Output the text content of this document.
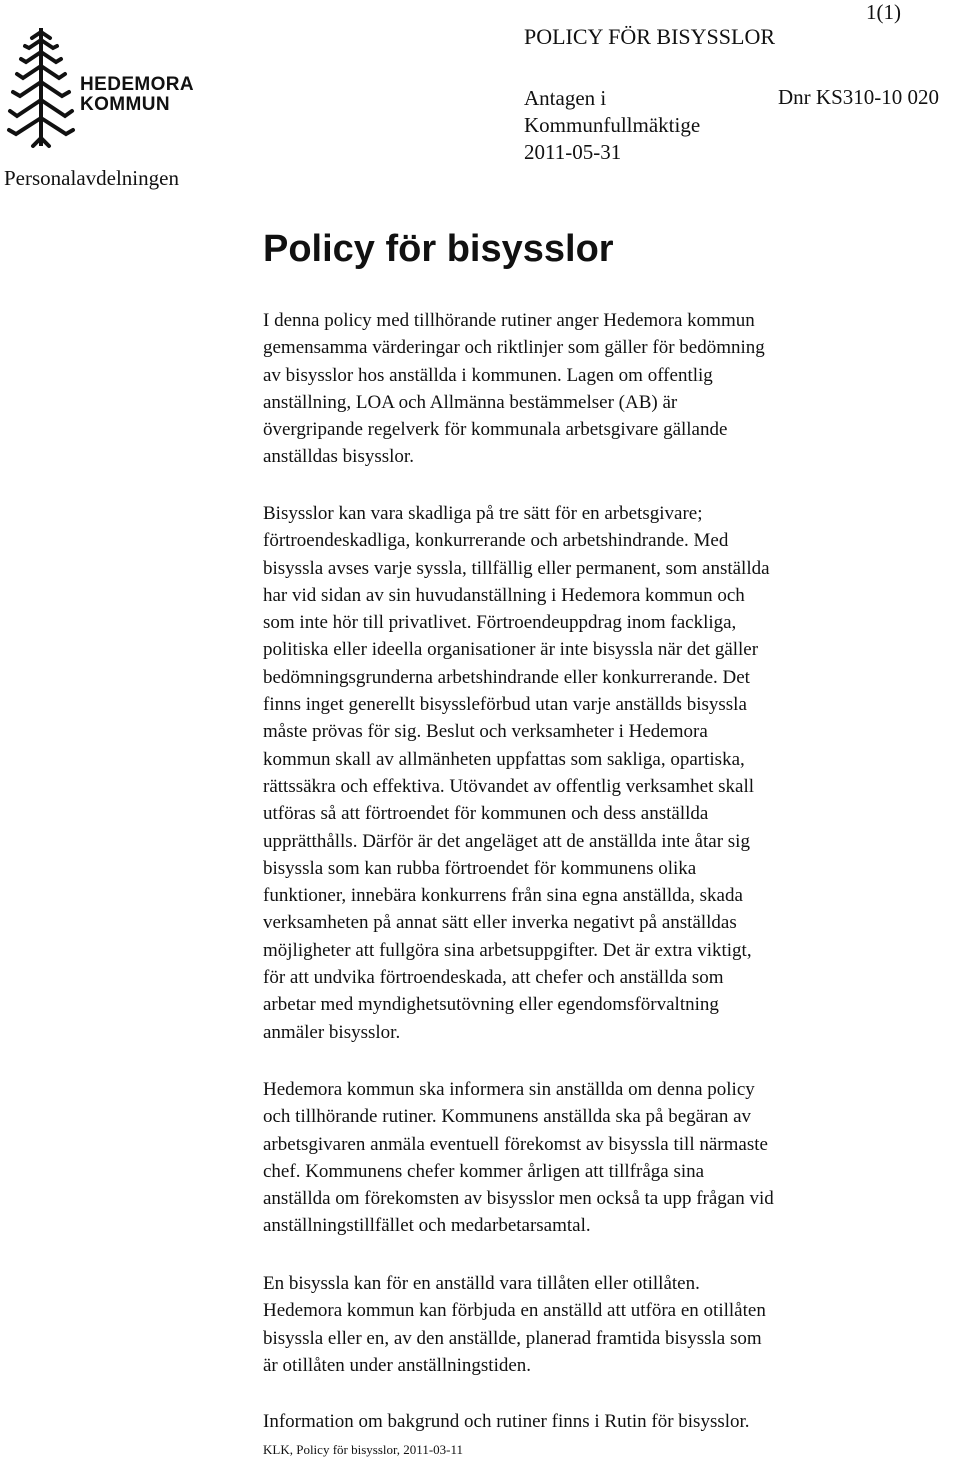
HEDEMORA
KOMMUN
Personalavdelningen
POLICY FÖR BISYSSLOR
1(1)
Antagen i
Kommunfullmäktige
2011-05-31
Dnr KS310-10 020
Policy för bisysslor
I denna policy med tillhörande rutiner anger Hedemora kommun
gemensamma värderingar och riktlinjer som gäller för bedömning
av bisysslor hos anställda i kommunen. Lagen om offentlig
anställning, LOA och Allmänna bestämmelser (AB) är
övergripande regelverk för kommunala arbetsgivare gällande
anställdas bisysslor.
Bisysslor kan vara skadliga på tre sätt för en arbetsgivare;
förtroendeskadliga, konkurrerande och arbetshindrande. Med
bisyssla avses varje syssla, tillfällig eller permanent, som anställda
har vid sidan av sin huvudanställning i Hedemora kommun och
som inte hör till privatlivet. Förtroendeuppdrag inom fackliga,
politiska eller ideella organisationer är inte bisyssla när det gäller
bedömningsgrunderna arbetshindrande eller konkurrerande. Det
finns inget generellt bisyssleförbud utan varje anställds bisyssla
måste prövas för sig. Beslut och verksamheter i Hedemora
kommun skall av allmänheten uppfattas som sakliga, opartiska,
rättssäkra och effektiva. Utövandet av offentlig verksamhet skall
utföras så att förtroendet för kommunen och dess anställda
upprätthålls. Därför är det angeläget att de anställda inte åtar sig
bisyssla som kan rubba förtroendet för kommunens olika
funktioner, innebära konkurrens från sina egna anställda, skada
verksamheten på annat sätt eller inverka negativt på anställdas
möjligheter att fullgöra sina arbetsuppgifter. Det är extra viktigt,
för att undvika förtroendeskada, att chefer och anställda som
arbetar med myndighetsutövning eller egendomsförvaltning
anmäler bisysslor.
Hedemora kommun ska informera sin anställda om denna policy
och tillhörande rutiner. Kommunens anställda ska på begäran av
arbetsgivaren anmäla eventuell förekomst av bisyssla till närmaste
chef. Kommunens chefer kommer årligen att tillfråga sina
anställda om förekomsten av bisysslor men också ta upp frågan vid
anställningstillfället och medarbetarsamtal.
En bisyssla kan för en anställd vara tillåten eller otillåten.
Hedemora kommun kan förbjuda en anställd att utföra en otillåten
bisyssla eller en, av den anställde, planerad framtida bisyssla som
är otillåten under anställningstiden.
Information om bakgrund och rutiner finns i Rutin för bisysslor.
KLK, Policy för bisysslor, 2011-03-11
